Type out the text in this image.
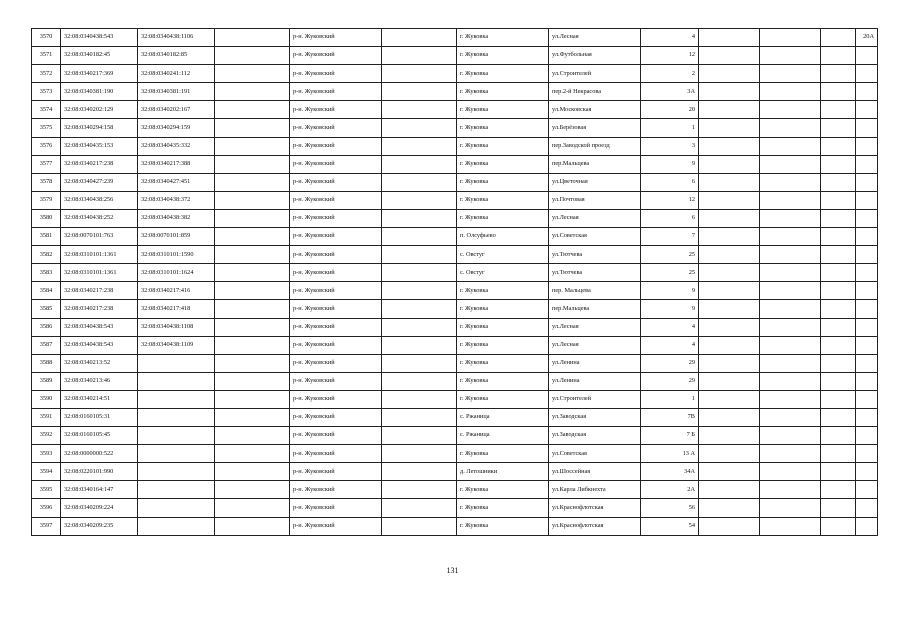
3570	32:08:0340438:543	32:08:0340438:1106		р-н. Жуковский		г. Жуковка	ул.Лесная	4				20А
3571	32:08:0340182:45	32:08:0340182:85		р-н. Жуковский		г. Жуковка	ул.Футбольная	12				
3572	32:08:0340217:369	32:08:0340241:112		р-н. Жуковский		г. Жуковка	ул.Строителей	2				
3573	32:08:0340381:190	32:08:0340381:191		р-н. Жуковский		г. Жуковка	пер.2-й Некрасова	3А				
3574	32:08:0340202:129	32:08:0340202:167		р-н. Жуковский		г. Жуковка	ул.Московская	20				
3575	32:08:0340294:158	32:08:0340294:159		р-н. Жуковский		г. Жуковка	ул.Берёзовая	1				
3576	32:08:0340435:153	32:08:0340435:332		р-н. Жуковский		г. Жуковка	пер.Заводской проезд	3				
3577	32:08:0340217:238	32:08:0340217:388		р-н. Жуковский		г. Жуковка	пер.Мальцева	9				
3578	32:08:0340427:239	32:08:0340427:451		р-н. Жуковский		г. Жуковка	ул.Цветочная	6				
3579	32:08:0340438:256	32:08:0340438:372		р-н. Жуковский		г. Жуковка	ул.Почтовая	12				
3580	32:08:0340438:252	32:08:0340438:382		р-н. Жуковский		г. Жуковка	ул.Лесная	6				
3581	32:08:0070101:763	32:08:0070101:859		р-н. Жуковский		п. Олсуфьево	ул.Советская	7				
3582	32:08:0310101:1361	32:08:0310101:1590		р-н. Жуковский		с. Овстуг	ул.Тютчева	25				
3583	32:08:0310101:1361	32:08:0310101:1624		р-н. Жуковский		с. Овстуг	ул.Тютчева	25				
3584	32:08:0340217:238	32:08:0340217:416		р-н. Жуковский		г. Жуковка	пер. Мальцева	9				
3585	32:08:0340217:238	32:08:0340217:418		р-н. Жуковский		г. Жуковка	пер.Мальцева	9				
3586	32:08:0340438:543	32:08:0340438:1108		р-н. Жуковский		г. Жуковка	ул.Лесная	4				
3587	32:08:0340438:543	32:08:0340438:1109		р-н. Жуковский		г. Жуковка	ул.Лесная	4				
3588	32:08:0340213:52			р-н. Жуковский		г. Жуковка	ул.Ленина	29				
3589	32:08:0340213:46			р-н. Жуковский		г. Жуковка	ул.Ленина	29				
3590	32:08:0340214:51			р-н. Жуковский		г. Жуковка	ул.Строителей	1				
3591	32:08:0160105:31			р-н. Жуковский		с. Ржаница	ул.Заводская	7В				
3592	32:08:0160105:45			р-н. Жуковский		с. Ржаница	ул.Заводская	7 Б				
3593	32:08:0000000:522			р-н. Жуковский		г. Жуковка	ул.Советская	13 А				
3594	32:08:0220101:990			р-н. Жуковский		д. Летошники	ул.Шоссейная	34А				
3595	32:08:0340164:147			р-н. Жуковский		г. Жуковка	ул.Карла Либкнехта	2А				
3596	32:08:0340209:224			р-н. Жуковский		г. Жуковка	ул.Краснофлотская	56				
3597	32:08:0340209:235			р-н. Жуковский		г. Жуковка	ул.Краснофлотская	54				
131
